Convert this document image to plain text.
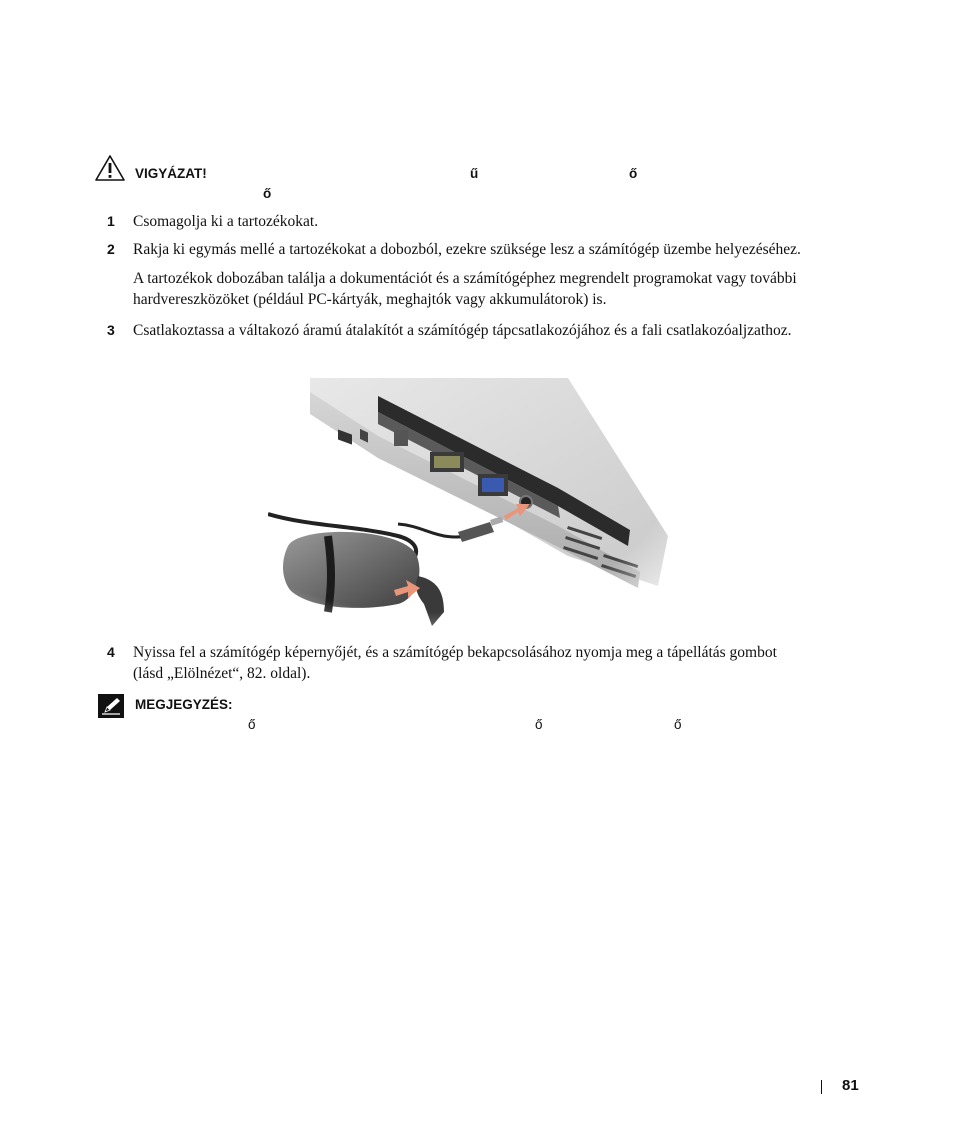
VIGYÁZAT!	ű	ő
ő
1 Csomagolja ki a tartozékokat.
2 Rakja ki egymás mellé a tartozékokat a dobozból, ezekre szüksége lesz a számítógép üzembe helyezéséhez.
A tartozékok dobozában találja a dokumentációt és a számítógéphez megrendelt programokat vagy további
hardvereszközöket (például PC-kártyák, meghajtók vagy akkumulátorok) is.
3 Csatlakoztassa a váltakozó áramú átalakítót a számítógép tápcsatlakozójához és a fali csatlakozóaljzathoz.
4 Nyissa fel a számítógép képernyőjét, és a számítógép bekapcsolásához nyomja meg a tápellátás gombot
(lásd „Elölnézet“, 82. oldal).
MEGJEGYZÉS:
ő	ő	ő
81
